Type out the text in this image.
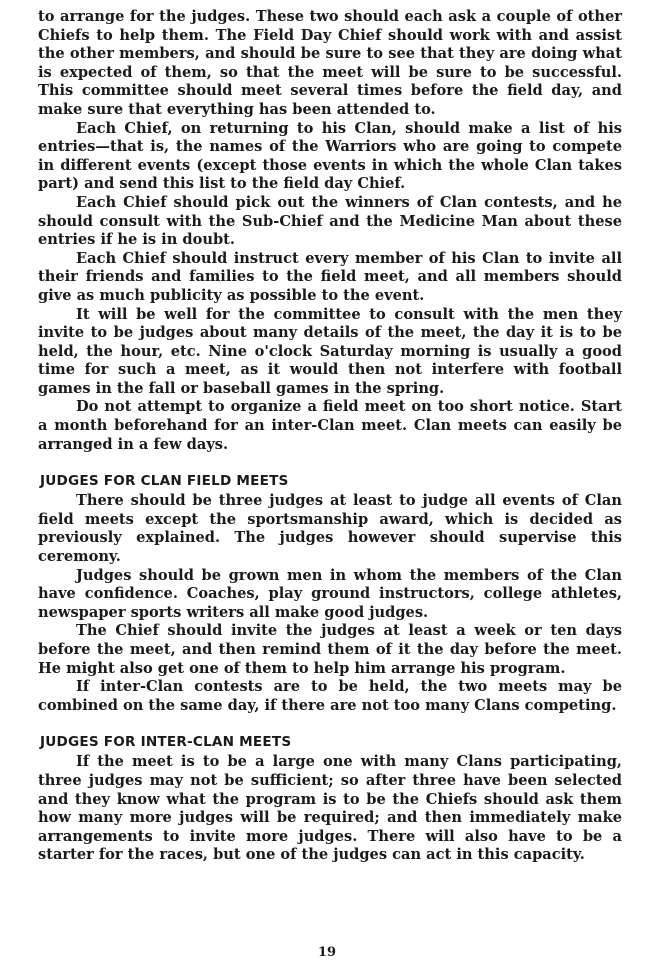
to arrange for the judges. These two should each ask a couple of other Chiefs to help them. The Field Day Chief should work with and assist the other members, and should be sure to see that they are doing what is expected of them, so that the meet will be sure to be successful. This committee should meet several times before the field day, and make sure that everything has been attended to.

Each Chief, on returning to his Clan, should make a list of his entries—that is, the names of the Warriors who are going to compete in different events (except those events in which the whole Clan takes part) and send this list to the field day Chief.

Each Chief should pick out the winners of Clan contests, and he should consult with the Sub-Chief and the Medicine Man about these entries if he is in doubt.

Each Chief should instruct every member of his Clan to invite all their friends and families to the field meet, and all members should give as much publicity as possible to the event.

It will be well for the committee to consult with the men they invite to be judges about many details of the meet, the day it is to be held, the hour, etc. Nine o'clock Saturday morning is usually a good time for such a meet, as it would then not interfere with football games in the fall or baseball games in the spring.

Do not attempt to organize a field meet on too short notice. Start a month beforehand for an inter-Clan meet. Clan meets can easily be arranged in a few days.

JUDGES FOR CLAN FIELD MEETS

There should be three judges at least to judge all events of Clan field meets except the sportsmanship award, which is decided as previously explained. The judges however should supervise this ceremony.

Judges should be grown men in whom the members of the Clan have confidence. Coaches, play ground instructors, college athletes, newspaper sports writers all make good judges.

The Chief should invite the judges at least a week or ten days before the meet, and then remind them of it the day before the meet. He might also get one of them to help him arrange his program.

If inter-Clan contests are to be held, the two meets may be combined on the same day, if there are not too many Clans competing.

JUDGES FOR INTER-CLAN MEETS

If the meet is to be a large one with many Clans participating, three judges may not be sufficient; so after three have been selected and they know what the program is to be the Chiefs should ask them how many more judges will be required; and then immediately make arrangements to invite more judges. There will also have to be a starter for the races, but one of the judges can act in this capacity.

19
